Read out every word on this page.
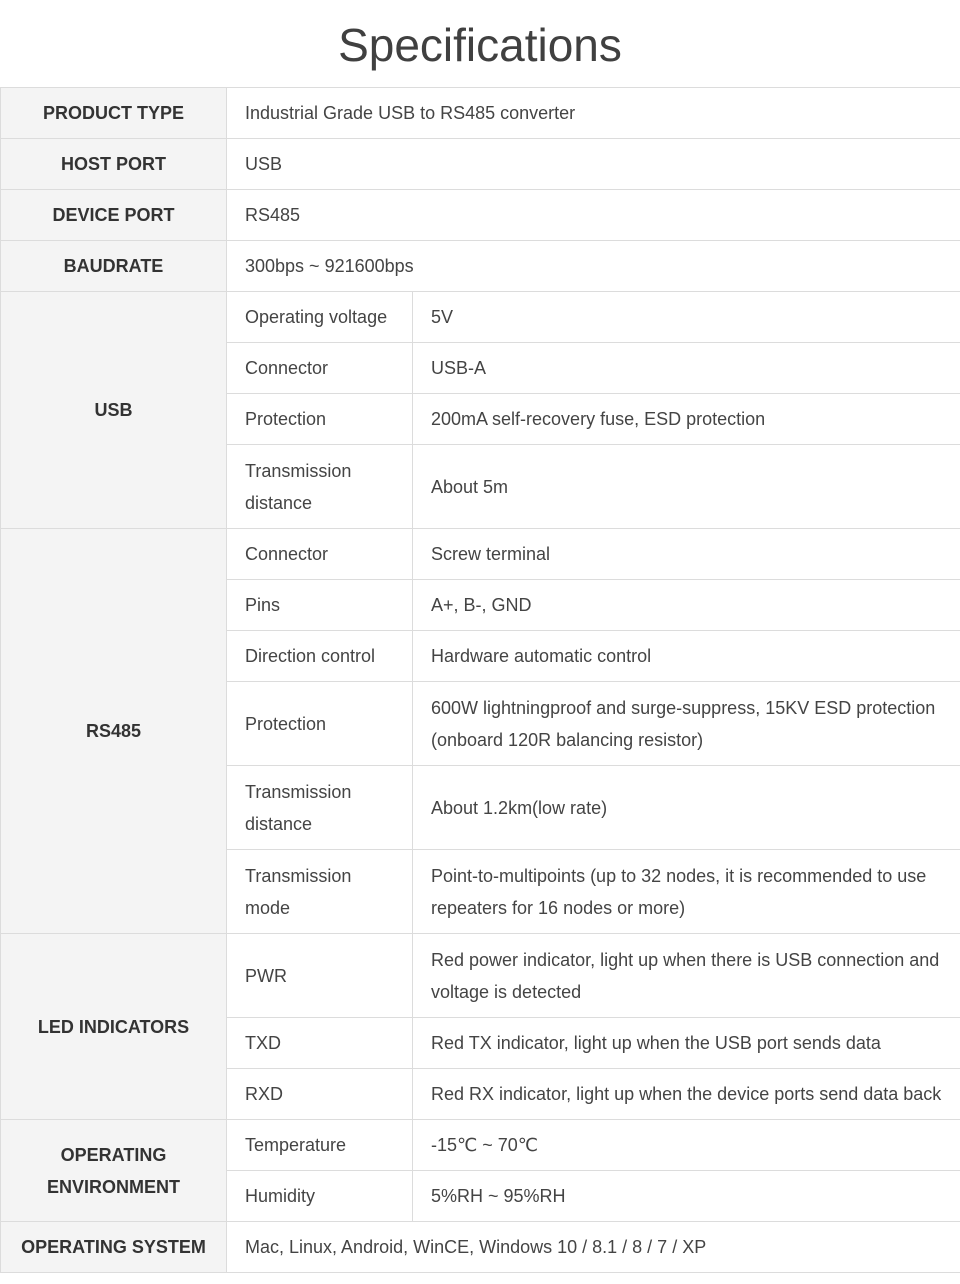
Specifications
PRODUCT TYPE	Industrial Grade USB to RS485 converter	
HOST PORT	USB	
DEVICE PORT	RS485	
BAUDRATE	300bps ~ 921600bps	
USB	Operating voltage	5V
	Connector	USB-A
	Protection	200mA self-recovery fuse, ESD protection
	Transmission distance	About 5m
RS485	Connector	Screw terminal
	Pins	A+, B-, GND
	Direction control	Hardware automatic control
	Protection	600W lightningproof and surge-suppress, 15KV ESD protection (onboard 120R balancing resistor)
	Transmission distance	About 1.2km(low rate)
	Transmission mode	Point-to-multipoints (up to 32 nodes, it is recommended to use repeaters for 16 nodes or more)
LED INDICATORS	PWR	Red power indicator, light up when there is USB connection and voltage is detected
	TXD	Red TX indicator, light up when the USB port sends data
	RXD	Red RX indicator, light up when the device ports send data back
OPERATING ENVIRONMENT	Temperature	-15℃ ~ 70℃
	Humidity	5%RH ~ 95%RH
OPERATING SYSTEM	Mac, Linux, Android, WinCE, Windows 10 / 8.1 / 8 / 7 / XP	
